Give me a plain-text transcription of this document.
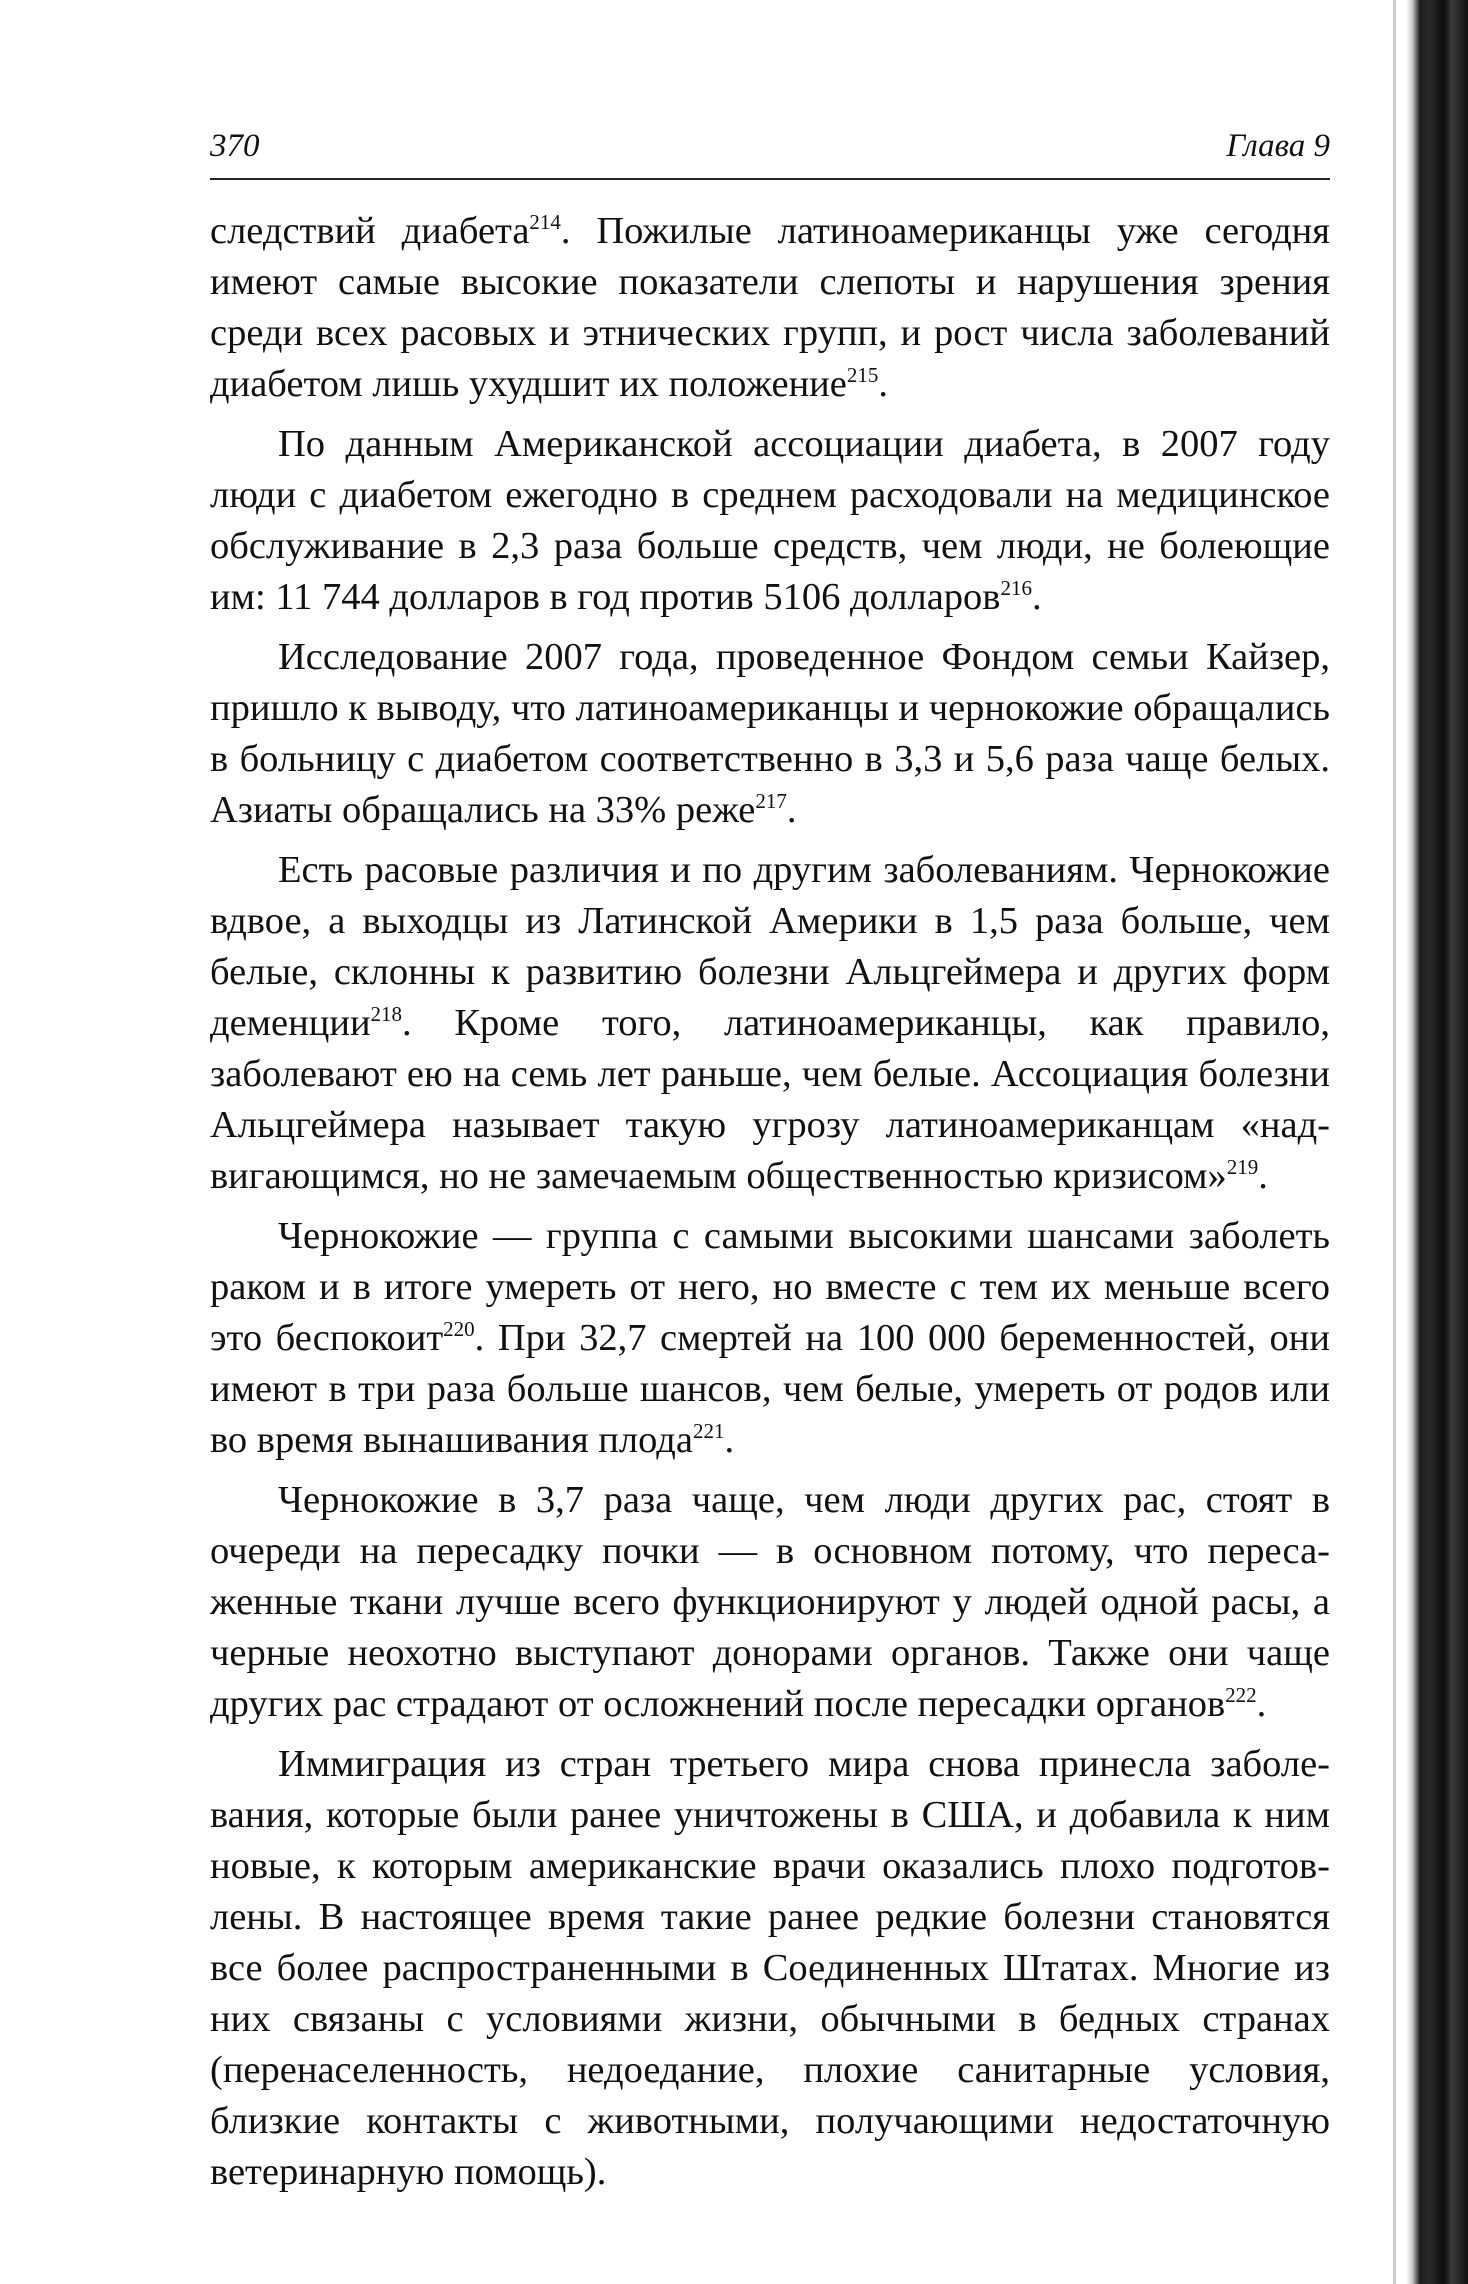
370	Глава 9

следствий диабета$^{214}$. Пожилые латиноамериканцы уже сегодня имеют самые высокие показатели слепоты и нарушения зрения среди всех расовых и этнических групп, и рост числа заболеваний диабетом лишь ухудшит их положение$^{215}$.

По данным Американской ассоциации диабета, в 2007 году люди с диабетом ежегодно в среднем расходовали на медицинское обслуживание в 2,3 раза больше средств, чем люди, не болеющие им: 11 744 долларов в год против 5106 долларов$^{216}$.

Исследование 2007 года, проведенное Фондом семьи Кайзер, пришло к выводу, что латиноамериканцы и чернокожие обращались в больницу с диабетом соответственно в 3,3 и 5,6 раза чаще белых. Азиаты обращались на 33% реже$^{217}$.

Есть расовые различия и по другим заболеваниям. Чернокожие вдвое, а выходцы из Латинской Америки в 1,5 раза больше, чем белые, склонны к развитию болезни Альцгеймера и других форм деменции$^{218}$. Кроме того, латиноамериканцы, как правило, заболевают ею на семь лет раньше, чем белые. Ассоциация болезни Альцгеймера называет такую угрозу латиноамериканцам «надвигающимся, но не замечаемым общественностью кризисом»$^{219}$.

Чернокожие — группа с самыми высокими шансами заболеть раком и в итоге умереть от него, но вместе с тем их меньше всего это беспокоит$^{220}$. При 32,7 смертей на 100 000 беременностей, они имеют в три раза больше шансов, чем белые, умереть от родов или во время вынашивания плода$^{221}$.

Чернокожие в 3,7 раза чаще, чем люди других рас, стоят в очереди на пересадку почки — в основном потому, что пересаженные ткани лучше всего функционируют у людей одной расы, а черные неохотно выступают донорами органов. Также они чаще других рас страдают от осложнений после пересадки органов$^{222}$.

Иммиграция из стран третьего мира снова принесла заболевания, которые были ранее уничтожены в США, и добавила к ним новые, к которым американские врачи оказались плохо подготовлены. В настоящее время такие ранее редкие болезни становятся все более распространенными в Соединенных Штатах. Многие из них связаны с условиями жизни, обычными в бедных странах (перенаселенность, недоедание, плохие санитарные условия, близкие контакты с животными, получающими недостаточную ветеринарную помощь).
